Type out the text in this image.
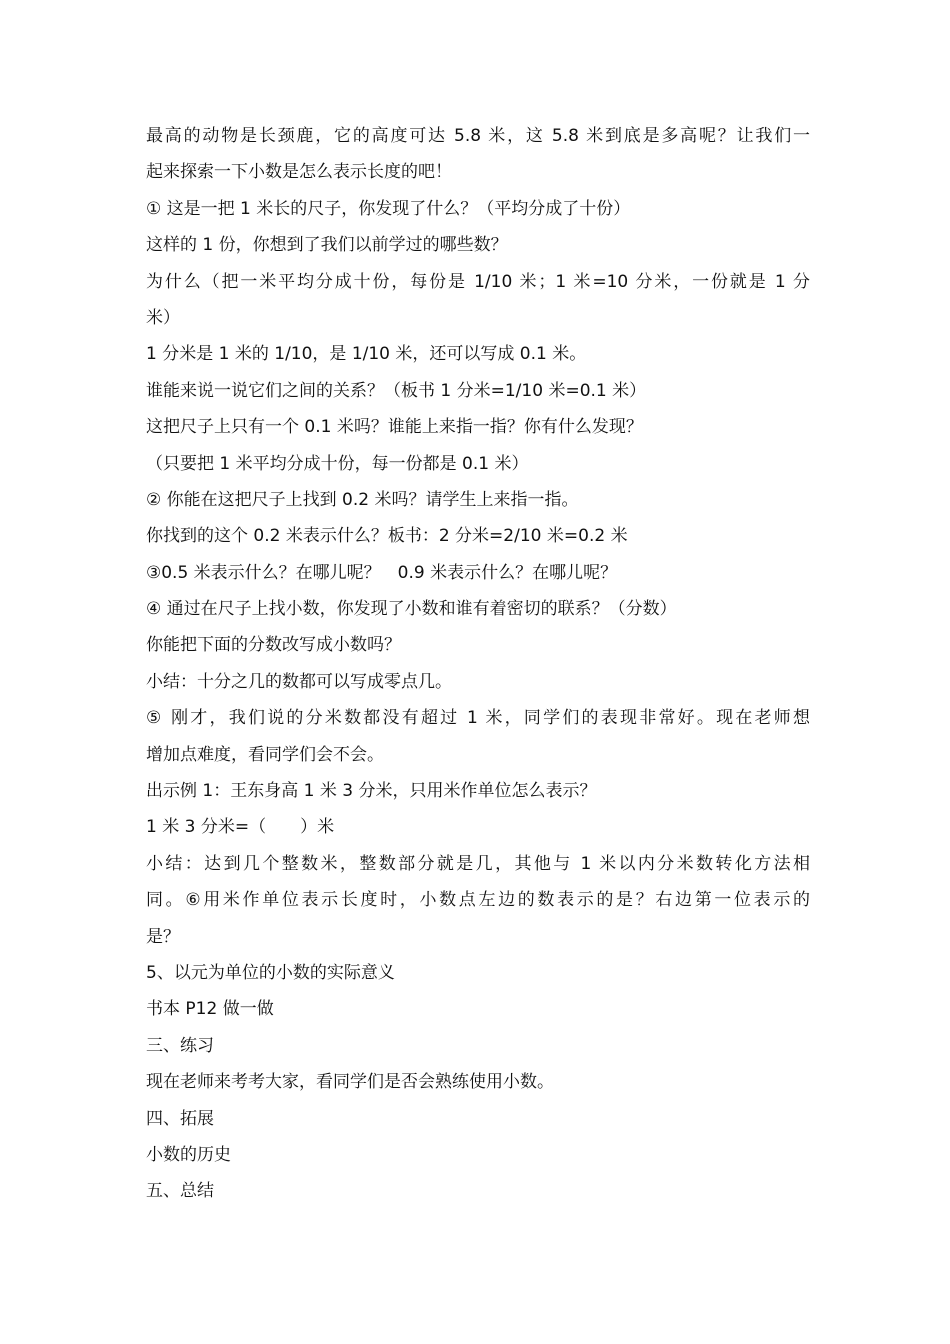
最高的动物是长颈鹿，它的高度可达 5.8 米，这 5.8 米到底是多高呢？让我们一
起来探索一下小数是怎么表示长度的吧！
① 这是一把 1 米长的尺子，你发现了什么？（平均分成了十份）
这样的 1 份，你想到了我们以前学过的哪些数？
为什么（把一米平均分成十份，每份是 1/10 米；1 米=10 分米，一份就是 1 分
米）
1 分米是 1 米的 1/10，是 1/10 米，还可以写成 0.1 米。
谁能来说一说它们之间的关系？（板书 1 分米=1/10 米=0.1 米）
这把尺子上只有一个 0.1 米吗？谁能上来指一指？你有什么发现？
（只要把 1 米平均分成十份，每一份都是 0.1 米）
② 你能在这把尺子上找到 0.2 米吗？请学生上来指一指。
你找到的这个 0.2 米表示什么？板书：2 分米=2/10 米=0.2 米
③0.5 米表示什么？在哪儿呢？　0.9 米表示什么？在哪儿呢？
④ 通过在尺子上找小数，你发现了小数和谁有着密切的联系？（分数）
你能把下面的分数改写成小数吗？
小结：十分之几的数都可以写成零点几。
⑤ 刚才，我们说的分米数都没有超过 1 米，同学们的表现非常好。现在老师想
增加点难度，看同学们会不会。
出示例 1：王东身高 1 米 3 分米，只用米作单位怎么表示？
1 米 3 分米=（　　）米
小结：达到几个整数米，整数部分就是几，其他与 1 米以内分米数转化方法相
同。⑥用米作单位表示长度时，小数点左边的数表示的是？右边第一位表示的
是？
5、以元为单位的小数的实际意义
书本 P12 做一做
三、练习
现在老师来考考大家，看同学们是否会熟练使用小数。
四、拓展
小数的历史
五、总结
